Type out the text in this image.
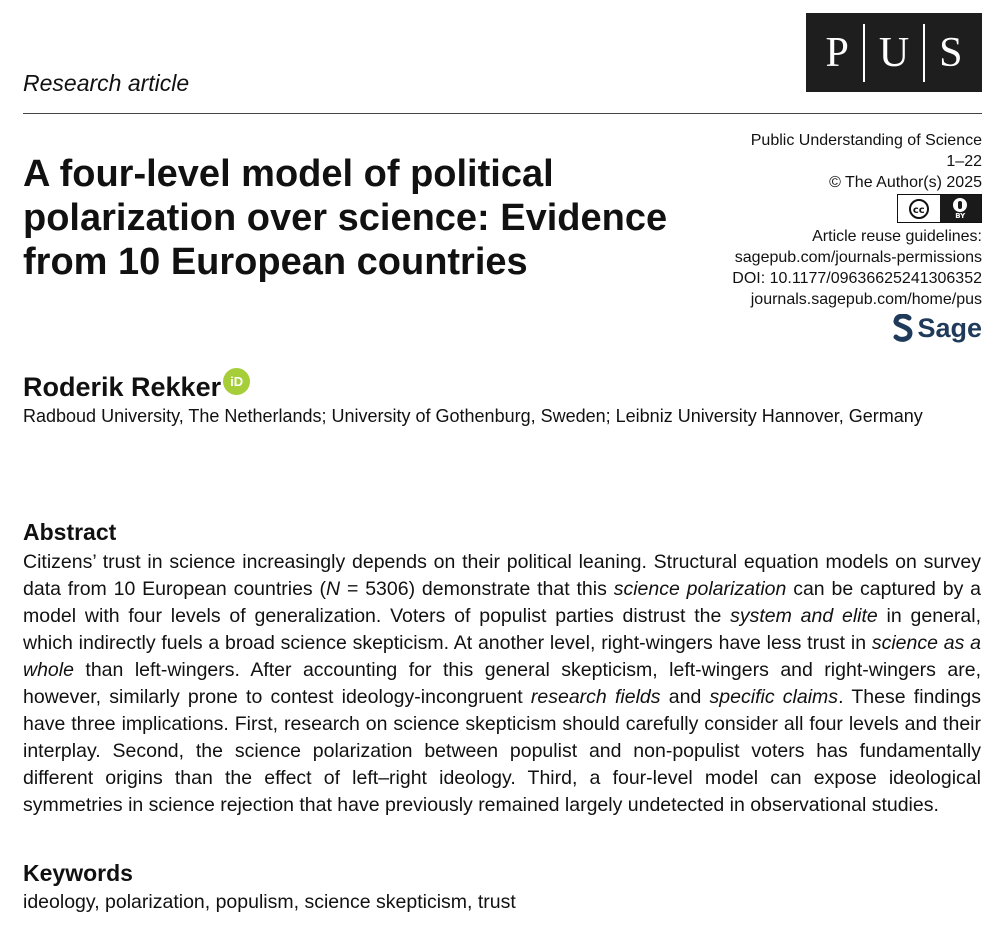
P U S
Research article
A four-level model of political polarization over science: Evidence from 10 European countries
Public Understanding of Science
1–22
© The Author(s) 2025
cc	BY
Article reuse guidelines:
sagepub.com/journals-permissions
DOI: 10.1177/09636625241306352
journals.sagepub.com/home/pus
Sage
Roderik Rekker iD
Radboud University, The Netherlands; University of Gothenburg, Sweden; Leibniz University Hannover, Germany
Abstract

Citizens’ trust in science increasingly depends on their political leaning. Structural equation models on survey data from 10 European countries (N = 5306) demonstrate that this science polarization can be captured by a model with four levels of generalization. Voters of populist parties distrust the system and elite in general, which indirectly fuels a broad science skepticism. At another level, right-wingers have less trust in science as a whole than left-wingers. After accounting for this general skepticism, left-wingers and right-wingers are, however, similarly prone to contest ideology-incongruent research fields and specific claims. These findings have three implications. First, research on science skepticism should carefully consider all four levels and their interplay. Second, the science polarization between populist and non-populist voters has fundamentally different origins than the effect of left–right ideology. Third, a four-level model can expose ideological symmetries in science rejection that have previously remained largely undetected in observational studies.

Keywords
ideology, polarization, populism, science skepticism, trust
